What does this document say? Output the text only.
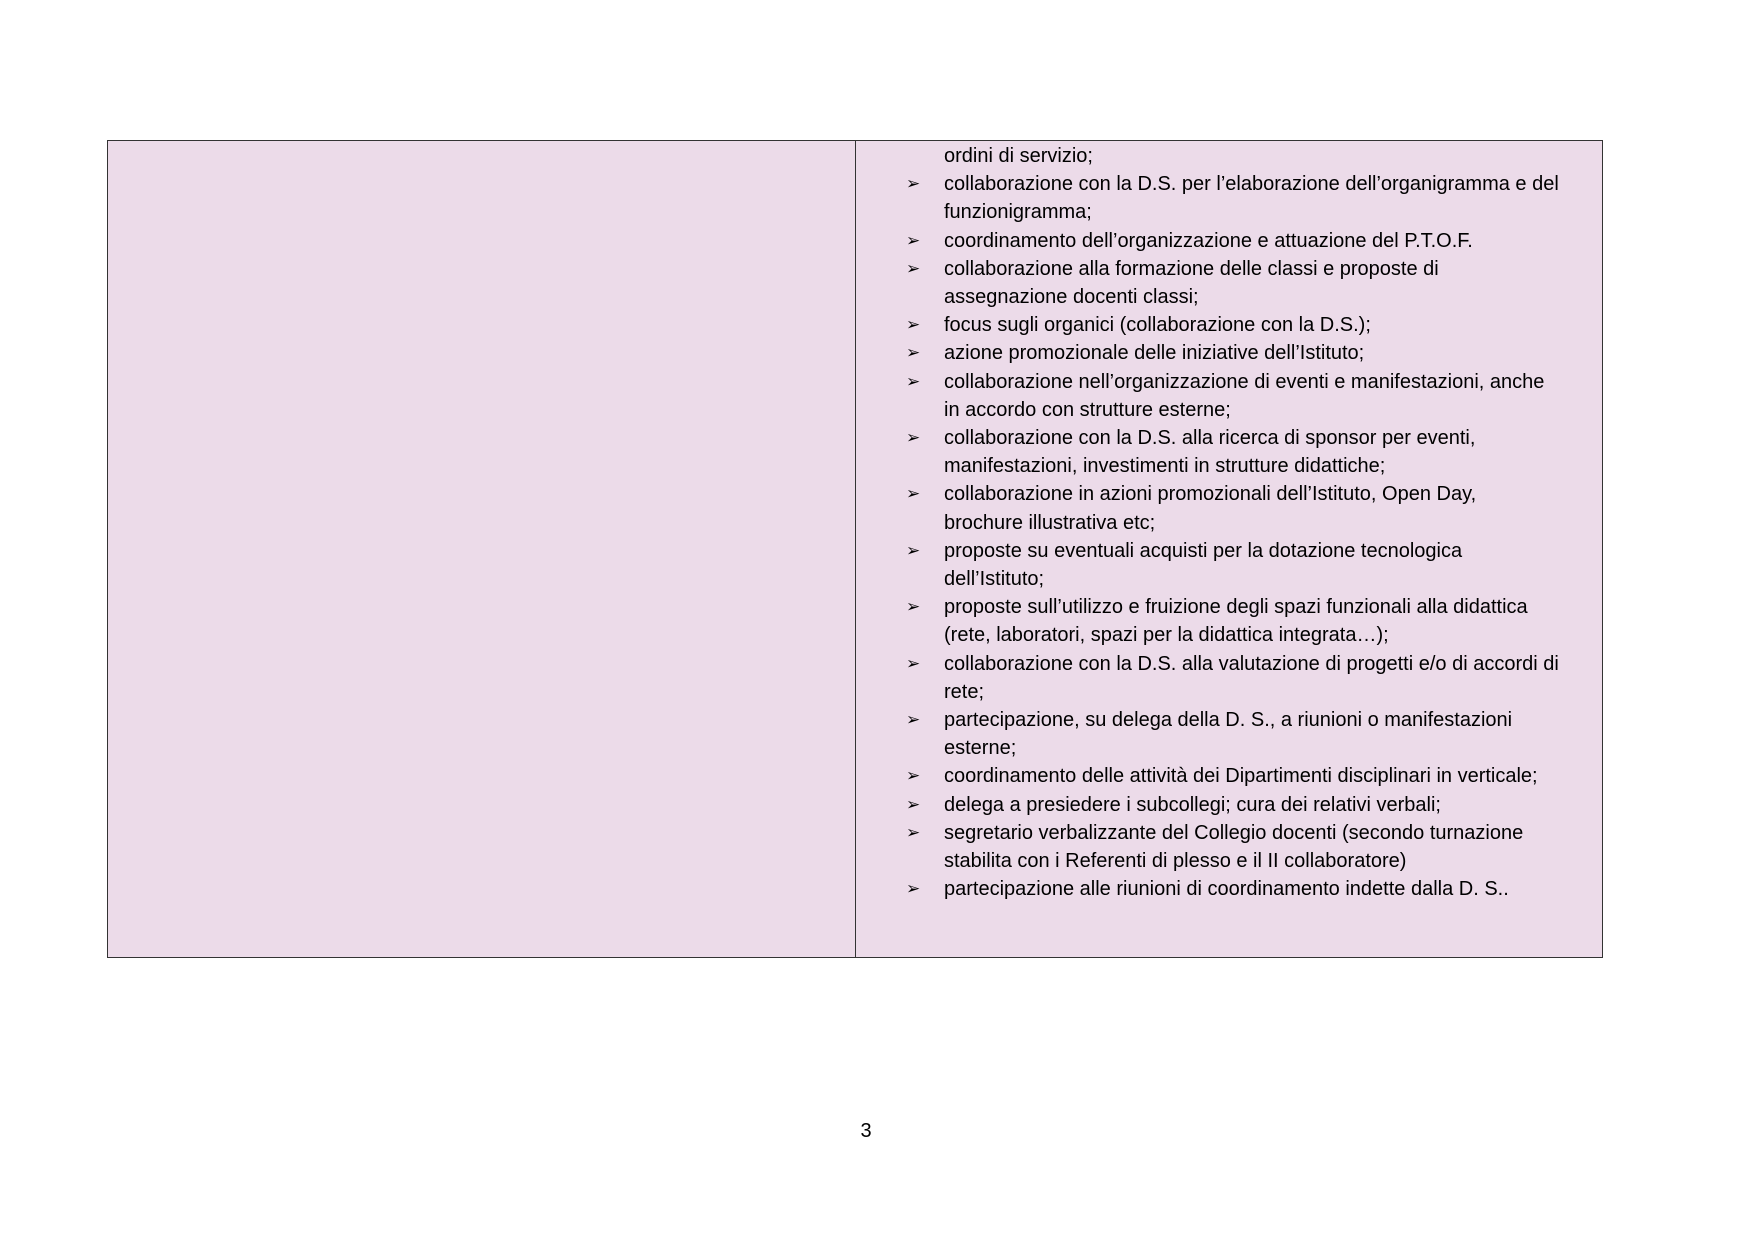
ordini di servizio;

➢ collaborazione con la D.S. per l’elaborazione dell’organigramma e del
funzionigramma;
➢ coordinamento dell’organizzazione e attuazione del P.T.O.F.
➢ collaborazione alla formazione delle classi e proposte di
assegnazione docenti classi;
➢ focus sugli organici (collaborazione con la D.S.);
➢ azione promozionale delle iniziative dell’Istituto;
➢ collaborazione nell’organizzazione di eventi e manifestazioni, anche
in accordo con strutture esterne;
➢ collaborazione con la D.S. alla ricerca di sponsor per eventi,
manifestazioni, investimenti in strutture didattiche;
➢ collaborazione in azioni promozionali dell’Istituto, Open Day,
brochure illustrativa etc;
➢ proposte su eventuali acquisti per la dotazione tecnologica
dell’Istituto;
➢ proposte sull’utilizzo e fruizione degli spazi funzionali alla didattica
(rete, laboratori, spazi per la didattica integrata…);
➢ collaborazione con la D.S. alla valutazione di progetti e/o di accordi di
rete;
➢ partecipazione, su delega della D. S., a riunioni o manifestazioni
esterne;
➢ coordinamento delle attività dei Dipartimenti disciplinari in verticale;
➢ delega a presiedere i subcollegi; cura dei relativi verbali;
➢ segretario verbalizzante del Collegio docenti (secondo turnazione
stabilita con i Referenti di plesso e il II collaboratore)
➢ partecipazione alle riunioni di coordinamento indette dalla D. S..
3
